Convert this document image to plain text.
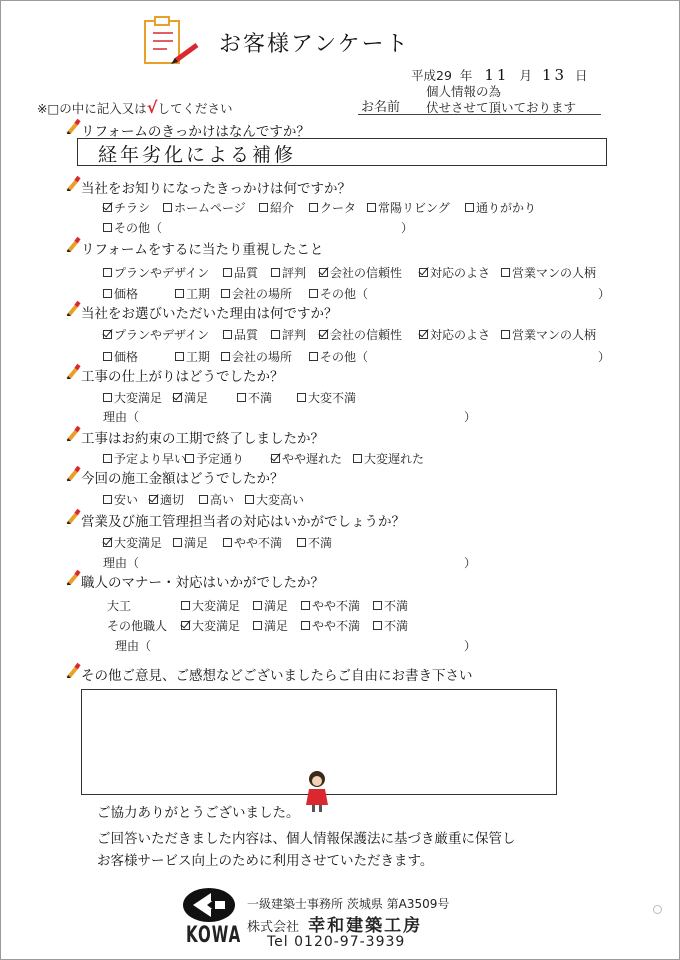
お客様アンケート
平成29 年 11 月 13 日
※□の中に記入又は√してください	お名前
個人情報の為
伏せさせて頂いております
リフォームのきっかけはなんですか？
経年劣化による補修
当社をお知りになったきっかけは何ですか？
チラシ ホームページ 紹介 クータ 常陽リビング 通りがかり
その他（	）
リフォームをするに当たり重視したこと
プランやデザイン 品質 評判 会社の信頼性 対応のよさ 営業マンの人柄
価格	工期 会社の場所 その他（	）
当社をお選びいただいた理由は何ですか？
プランやデザイン 品質 評判 会社の信頼性 対応のよさ 営業マンの人柄
価格	工期 会社の場所 その他（	）
工事の仕上がりはどうでしたか？
大変満足 満足	不満	大変不満
理由（	）
工事はお約束の工期で終了しましたか？
予定より早い 予定通り	やや遅れた 大変遅れた
今回の施工金額はどうでしたか？
安い 適切 高い 大変高い
営業及び施工管理担当者の対応はいかがでしょうか？
大変満足 満足 やや不満 不満
理由（	）
職人のマナー・対応はいかがでしたか？
大工	大変満足 満足 やや不満 不満
その他職人 大変満足 満足 やや不満 不満
理由（	）
その他ご意見、ご感想などございましたらご自由にお書き下さい
ご協力ありがとうございました。
ご回答いただきました内容は、個人情報保護法に基づき厳重に保管し
お客様サービス向上のために利用させていただきます。
KOWA
一級建築士事務所 茨城県 第A3509号
株式会社 幸和建築工房
Tel 0120-97-3939
